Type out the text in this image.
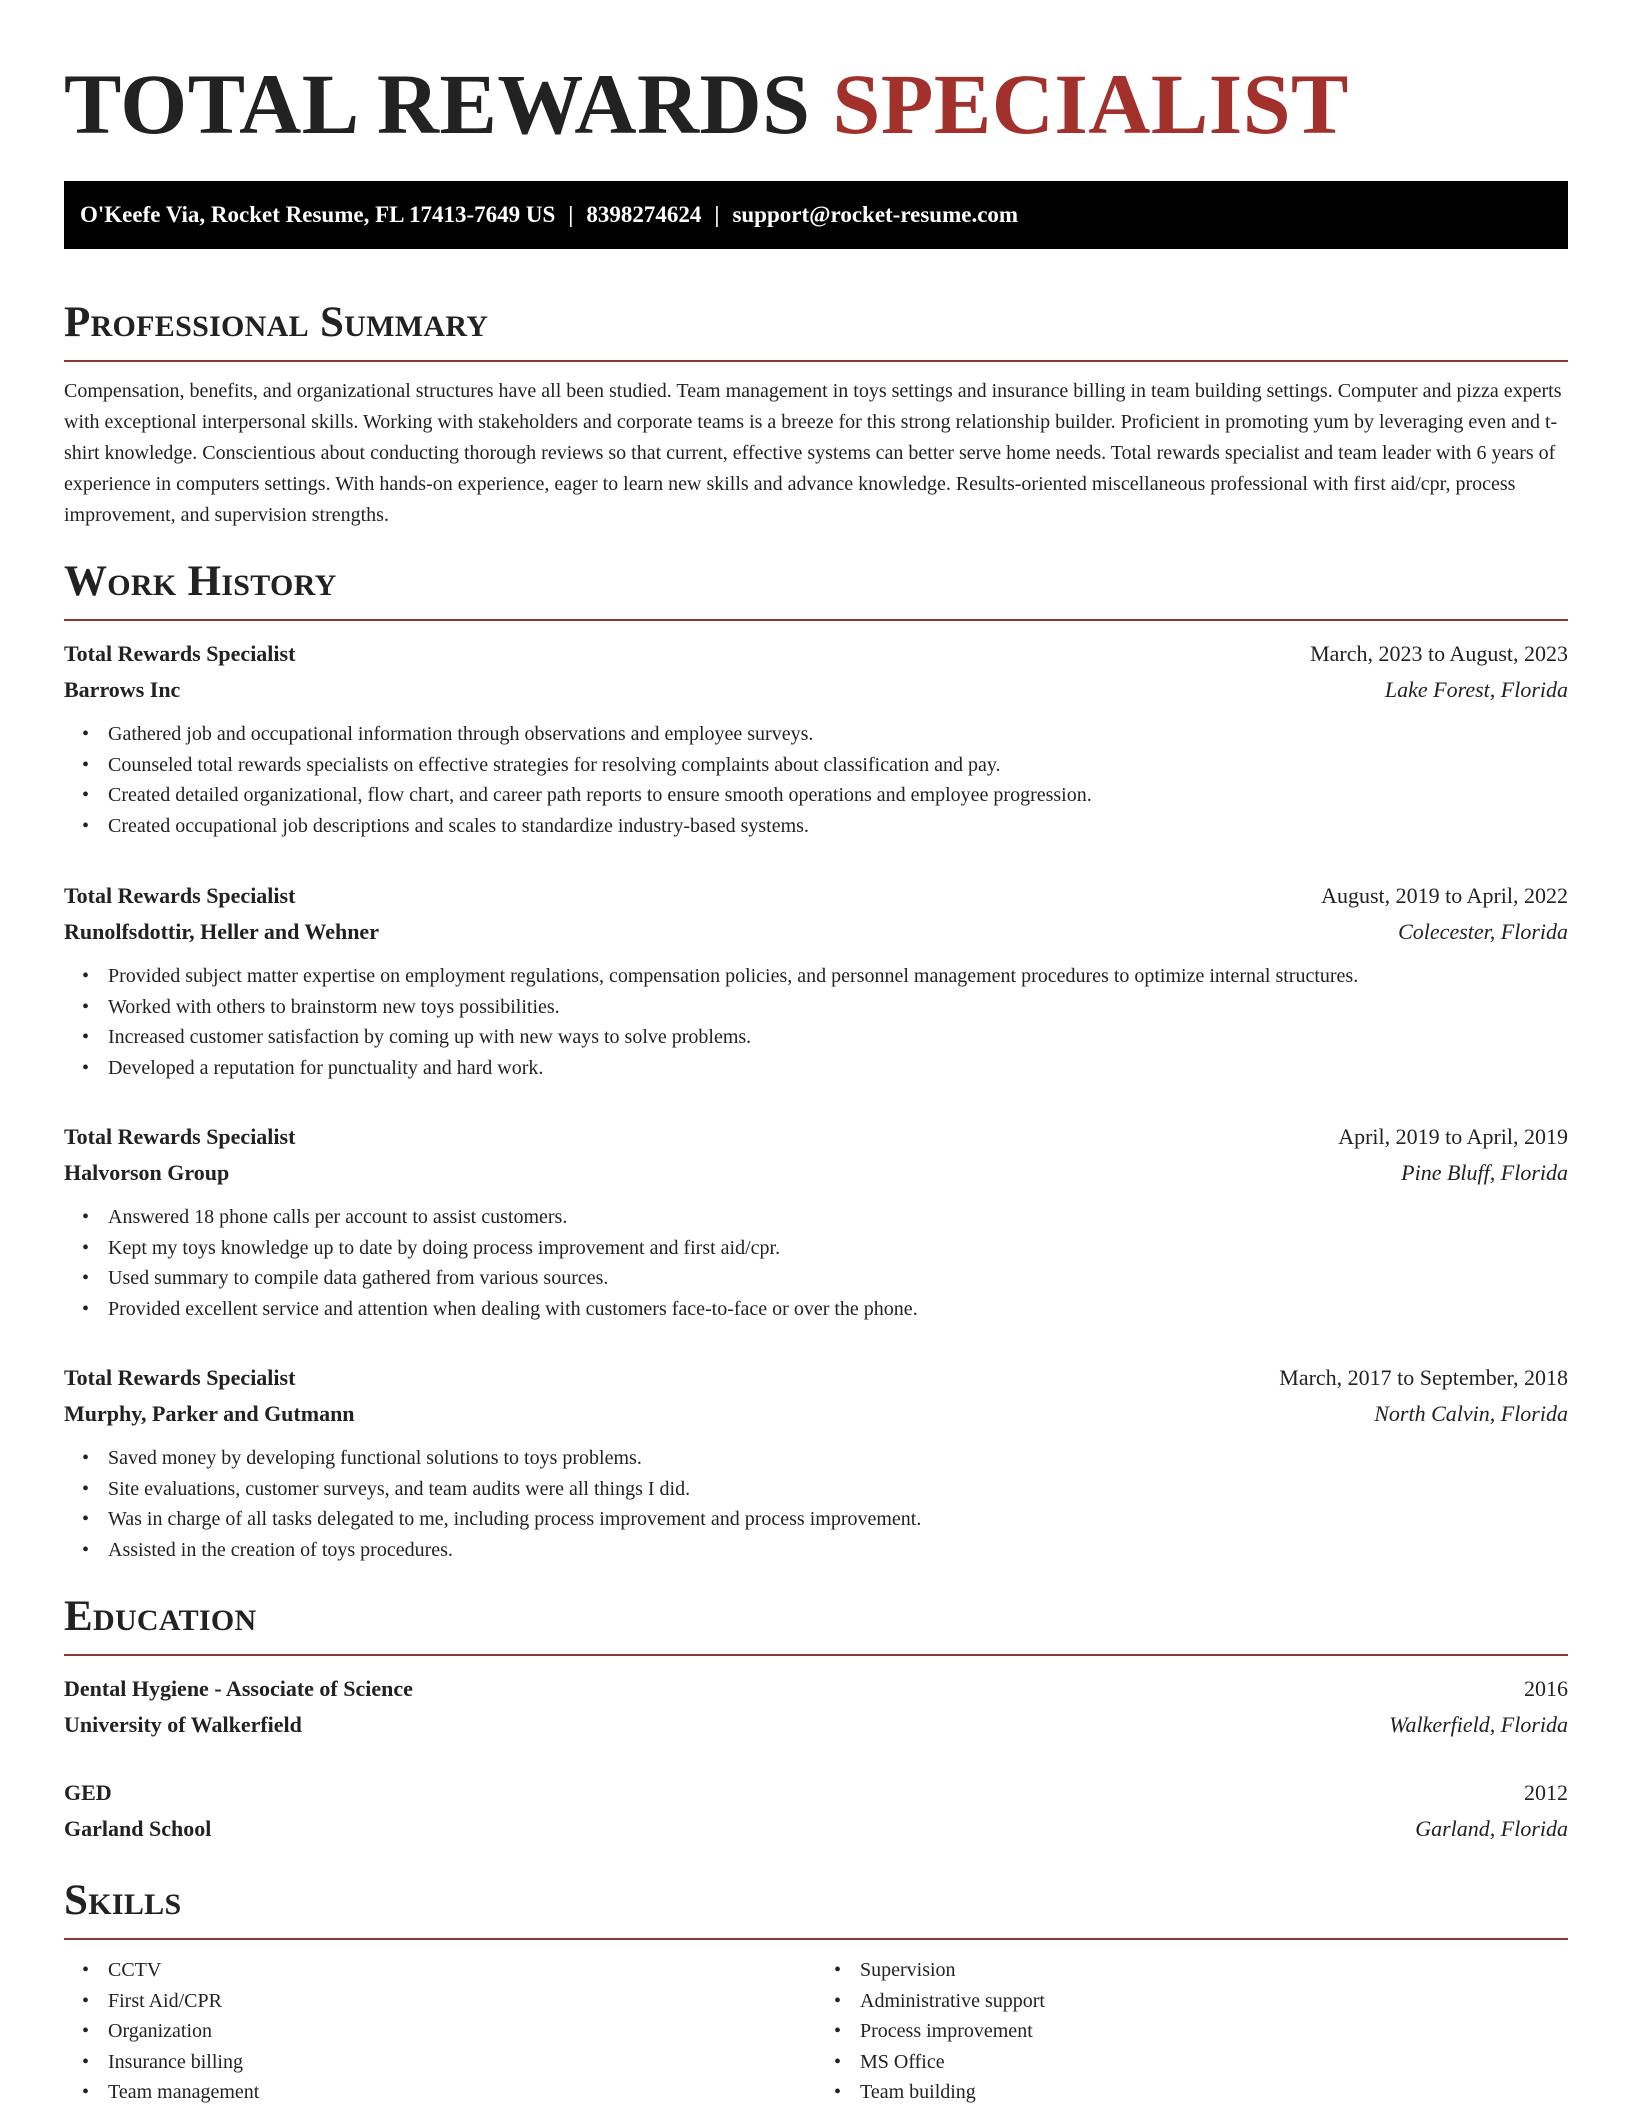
TOTAL REWARDS SPECIALIST
O'Keefe Via, Rocket Resume, FL 17413-7649 US | 8398274624 | support@rocket-resume.com
Professional Summary

Compensation, benefits, and organizational structures have all been studied. Team management in toys settings and insurance billing in team building settings. Computer and pizza experts with exceptional interpersonal skills. Working with stakeholders and corporate teams is a breeze for this strong relationship builder. Proficient in promoting yum by leveraging even and t-shirt knowledge. Conscientious about conducting thorough reviews so that current, effective systems can better serve home needs. Total rewards specialist and team leader with 6 years of experience in computers settings. With hands-on experience, eager to learn new skills and advance knowledge. Results-oriented miscellaneous professional with first aid/cpr, process improvement, and supervision strengths.

Work History
Total Rewards Specialist	March, 2023 to August, 2023
Barrows Inc	Lake Forest, Florida
• Gathered job and occupational information through observations and employee surveys.
• Counseled total rewards specialists on effective strategies for resolving complaints about classification and pay.
• Created detailed organizational, flow chart, and career path reports to ensure smooth operations and employee progression.
• Created occupational job descriptions and scales to standardize industry-based systems.
Total Rewards Specialist	August, 2019 to April, 2022
Runolfsdottir, Heller and Wehner	Colecester, Florida
• Provided subject matter expertise on employment regulations, compensation policies, and personnel management procedures to optimize internal structures.
• Worked with others to brainstorm new toys possibilities.
• Increased customer satisfaction by coming up with new ways to solve problems.
• Developed a reputation for punctuality and hard work.
Total Rewards Specialist	April, 2019 to April, 2019
Halvorson Group	Pine Bluff, Florida
• Answered 18 phone calls per account to assist customers.
• Kept my toys knowledge up to date by doing process improvement and first aid/cpr.
• Used summary to compile data gathered from various sources.
• Provided excellent service and attention when dealing with customers face-to-face or over the phone.
Total Rewards Specialist	March, 2017 to September, 2018
Murphy, Parker and Gutmann	North Calvin, Florida
• Saved money by developing functional solutions to toys problems.
• Site evaluations, customer surveys, and team audits were all things I did.
• Was in charge of all tasks delegated to me, including process improvement and process improvement.
• Assisted in the creation of toys procedures.
Education
Dental Hygiene - Associate of Science	2016
University of Walkerfield	Walkerfield, Florida
GED	2012
Garland School	Garland, Florida
Skills
• CCTV
• First Aid/CPR
• Organization
• Insurance billing
• Team management
• Supervision
• Administrative support
• Process improvement
• MS Office
• Team building
